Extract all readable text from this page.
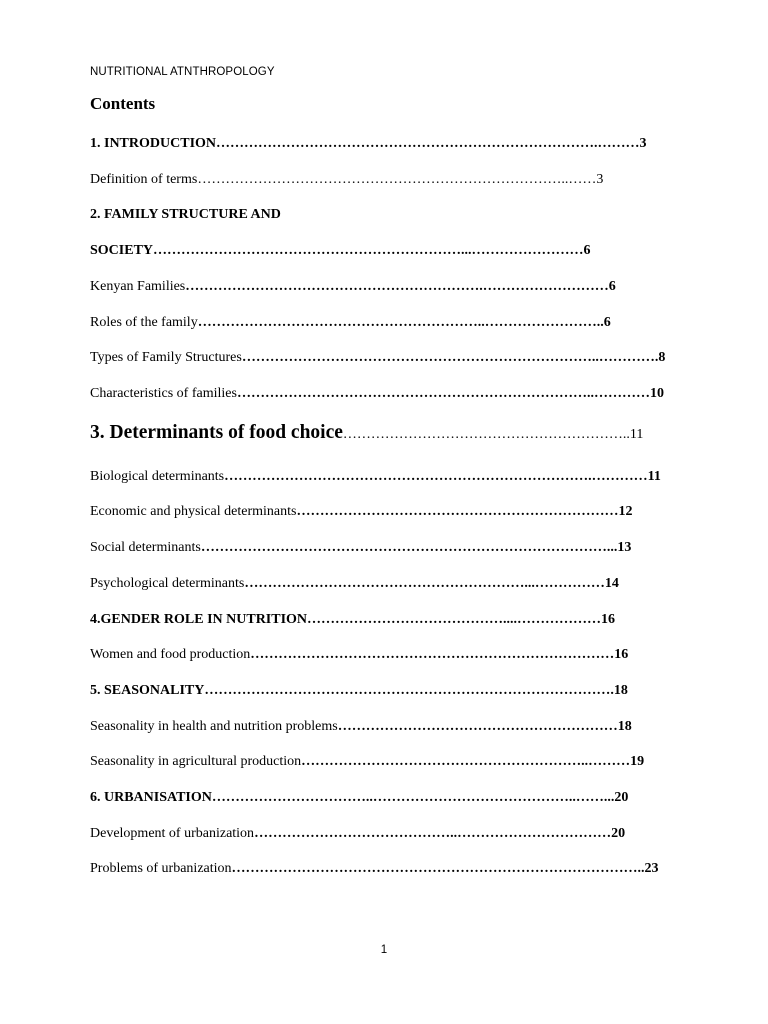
NUTRITIONAL ATNTHROPOLOGY
Contents
1. INTRODUCTION……………………………………………………………………….………3
Definition of terms……………………………………………………………………..……3
2. FAMILY STRUCTURE AND
SOCIETY…………………………………………………………...……………………6
Kenyan Families……………………………………………………….………………………6
Roles of the family……………………………………………………..……………………..6
Types of Family Structures…………………………………………………………………..………….8
Characteristics of families…………………………………………………………………..…………10
3. Determinants of food choice……………………………………………………..11
Biological determinants…………………………………………………………………….…………11
Economic and physical determinants……………………………………………………………12
Social determinants……………………………………………………………………………...13
Psychological determinants……………………………………………………...……………14
4.GENDER ROLE IN NUTRITION……………………………………....………………16
Women and food production……………………………………………………………………16
5. SEASONALITY…………………………………………………………………………….18
Seasonality in health and nutrition problems……………………………………………………18
Seasonality in agricultural production……………………………………………………..………19
6. URBANISATION……………………………..……………………………………..……...20
Development of urbanization……………………………………..……………………………20
Problems of urbanization……………………………………………………………………………..23
1
